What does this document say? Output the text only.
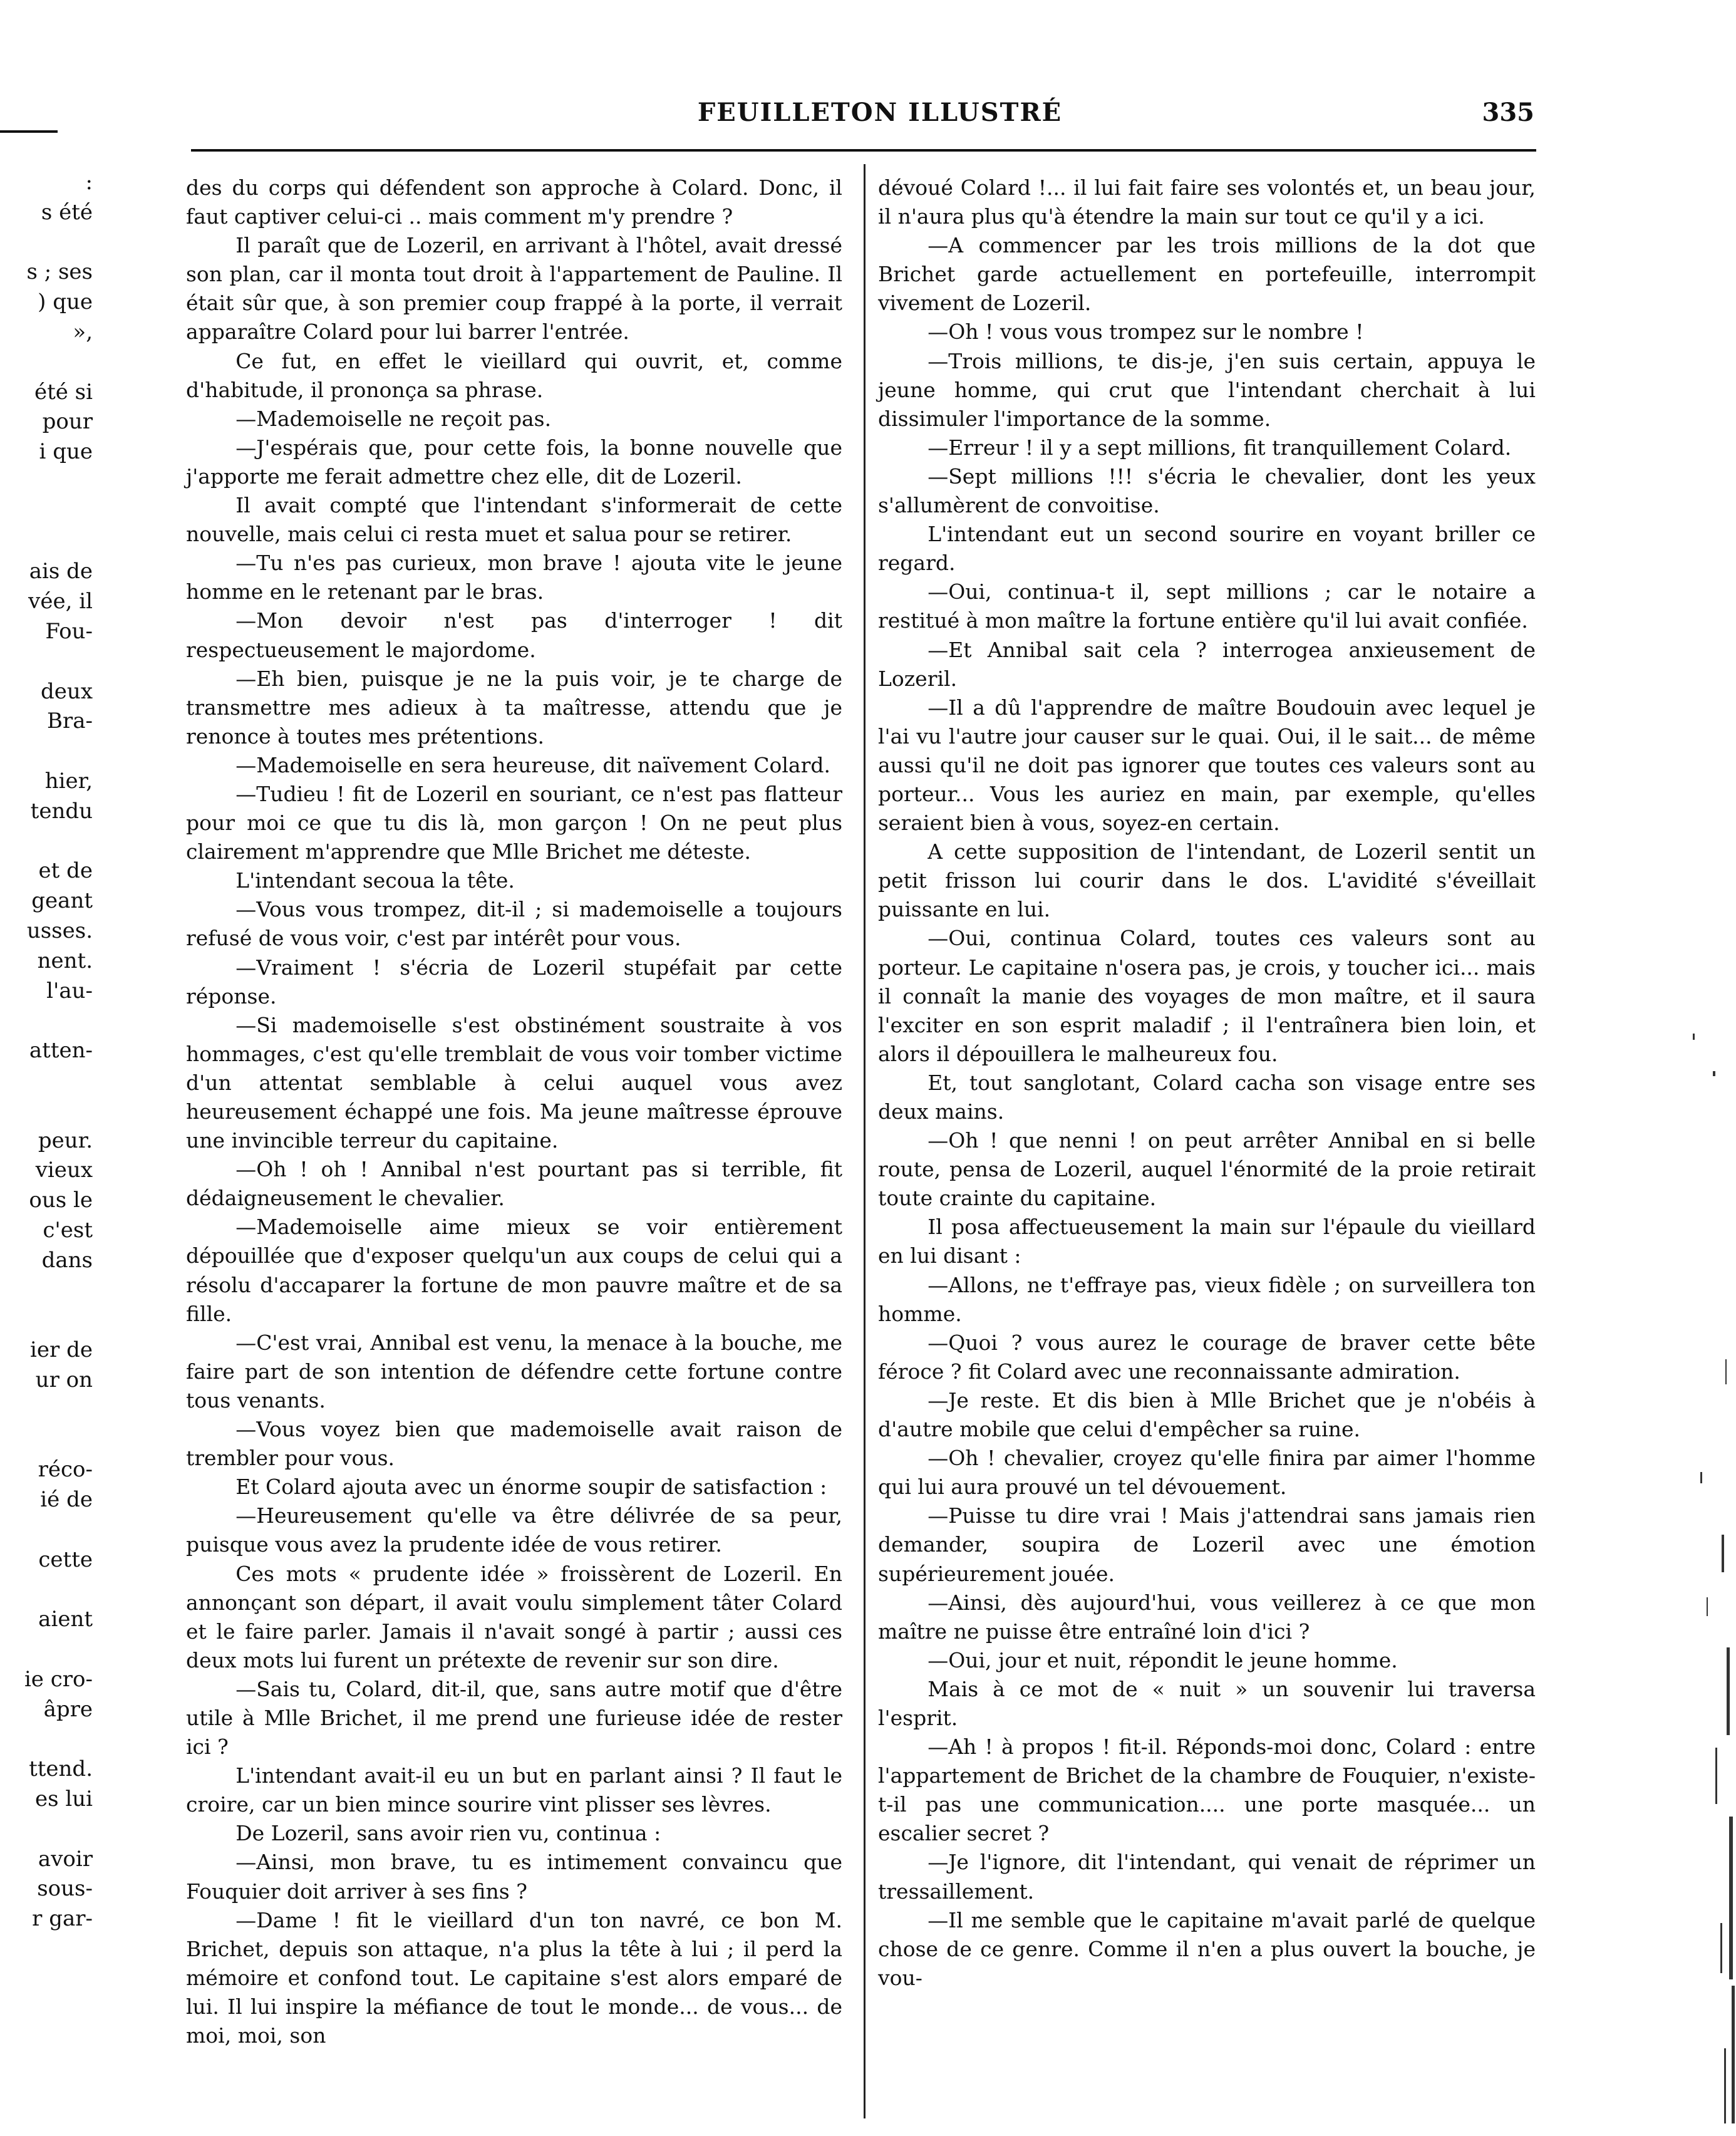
FEUILLETON ILLUSTRÉ	335
:
s été
s ; ses
) que
»,
été si
pour
i que
ais de
vée, il
Fou-
deux
Bra-
hier,
tendu
et de
geant
usses.
nent.
l'au-
atten-
peur.
vieux
ous le
c'est
dans
ier de
ur on
réco-
ié de
cette
aient
ie cro-
âpre
ttend.
es lui
avoir
sous-
r gar-

des du corps qui défendent son approche à Colard. Donc, il faut captiver celui-ci .. mais comment m'y prendre ?

Il paraît que de Lozeril, en arrivant à l'hôtel, avait dressé son plan, car il monta tout droit à l'appartement de Pauline. Il était sûr que, à son premier coup frappé à la porte, il verrait apparaître Colard pour lui barrer l'entrée.

Ce fut, en effet le vieillard qui ouvrit, et, comme d'habitude, il prononça sa phrase.

—Mademoiselle ne reçoit pas.

—J'espérais que, pour cette fois, la bonne nouvelle que j'apporte me ferait admettre chez elle, dit de Lozeril.

Il avait compté que l'intendant s'informerait de cette nouvelle, mais celui ci resta muet et salua pour se retirer.

—Tu n'es pas curieux, mon brave ! ajouta vite le jeune homme en le retenant par le bras.

—Mon devoir n'est pas d'interroger ! dit respectueusement le majordome.

—Eh bien, puisque je ne la puis voir, je te charge de transmettre mes adieux à ta maîtresse, attendu que je renonce à toutes mes prétentions.

—Mademoiselle en sera heureuse, dit naïvement Colard.

—Tudieu ! fit de Lozeril en souriant, ce n'est pas flatteur pour moi ce que tu dis là, mon garçon ! On ne peut plus clairement m'apprendre que Mlle Brichet me déteste.

L'intendant secoua la tête.

—Vous vous trompez, dit-il ; si mademoiselle a toujours refusé de vous voir, c'est par intérêt pour vous.

—Vraiment ! s'écria de Lozeril stupéfait par cette réponse.

—Si mademoiselle s'est obstinément soustraite à vos hommages, c'est qu'elle tremblait de vous voir tomber victime d'un attentat semblable à celui auquel vous avez heureusement échappé une fois. Ma jeune maîtresse éprouve une invincible terreur du capitaine.

—Oh ! oh ! Annibal n'est pourtant pas si terrible, fit dédaigneusement le chevalier.

—Mademoiselle aime mieux se voir entièrement dépouillée que d'exposer quelqu'un aux coups de celui qui a résolu d'accaparer la fortune de mon pauvre maître et de sa fille.

—C'est vrai, Annibal est venu, la menace à la bouche, me faire part de son intention de défendre cette fortune contre tous venants.

—Vous voyez bien que mademoiselle avait raison de trembler pour vous.

Et Colard ajouta avec un énorme soupir de satisfaction :

—Heureusement qu'elle va être délivrée de sa peur, puisque vous avez la prudente idée de vous retirer.

Ces mots « prudente idée » froissèrent de Lozeril. En annonçant son départ, il avait voulu simplement tâter Colard et le faire parler. Jamais il n'avait songé à partir ; aussi ces deux mots lui furent un prétexte de revenir sur son dire.

—Sais tu, Colard, dit-il, que, sans autre motif que d'être utile à Mlle Brichet, il me prend une furieuse idée de rester ici ?

L'intendant avait-il eu un but en parlant ainsi ? Il faut le croire, car un bien mince sourire vint plisser ses lèvres.

De Lozeril, sans avoir rien vu, continua :

—Ainsi, mon brave, tu es intimement convaincu que Fouquier doit arriver à ses fins ?

—Dame ! fit le vieillard d'un ton navré, ce bon M. Brichet, depuis son attaque, n'a plus la tête à lui ; il perd la mémoire et confond tout. Le capitaine s'est alors emparé de lui. Il lui inspire la méfiance de tout le monde... de vous... de moi, moi, son

dévoué Colard !... il lui fait faire ses volontés et, un beau jour, il n'aura plus qu'à étendre la main sur tout ce qu'il y a ici.

—A commencer par les trois millions de la dot que Brichet garde actuellement en portefeuille, interrompit vivement de Lozeril.

—Oh ! vous vous trompez sur le nombre !

—Trois millions, te dis-je, j'en suis certain, appuya le jeune homme, qui crut que l'intendant cherchait à lui dissimuler l'importance de la somme.

—Erreur ! il y a sept millions, fit tranquillement Colard.

—Sept millions !!! s'écria le chevalier, dont les yeux s'allumèrent de convoitise.

L'intendant eut un second sourire en voyant briller ce regard.

—Oui, continua-t il, sept millions ; car le notaire a restitué à mon maître la fortune entière qu'il lui avait confiée.

—Et Annibal sait cela ? interrogea anxieusement de Lozeril.

—Il a dû l'apprendre de maître Boudouin avec lequel je l'ai vu l'autre jour causer sur le quai. Oui, il le sait... de même aussi qu'il ne doit pas ignorer que toutes ces valeurs sont au porteur... Vous les auriez en main, par exemple, qu'elles seraient bien à vous, soyez-en certain.

A cette supposition de l'intendant, de Lozeril sentit un petit frisson lui courir dans le dos. L'avidité s'éveillait puissante en lui.

—Oui, continua Colard, toutes ces valeurs sont au porteur. Le capitaine n'osera pas, je crois, y toucher ici... mais il connaît la manie des voyages de mon maître, et il saura l'exciter en son esprit maladif ; il l'entraînera bien loin, et alors il dépouillera le malheureux fou.

Et, tout sanglotant, Colard cacha son visage entre ses deux mains.

—Oh ! que nenni ! on peut arrêter Annibal en si belle route, pensa de Lozeril, auquel l'énormité de la proie retirait toute crainte du capitaine.

Il posa affectueusement la main sur l'épaule du vieillard en lui disant :

—Allons, ne t'effraye pas, vieux fidèle ; on surveillera ton homme.

—Quoi ? vous aurez le courage de braver cette bête féroce ? fit Colard avec une reconnaissante admiration.

—Je reste. Et dis bien à Mlle Brichet que je n'obéis à d'autre mobile que celui d'empêcher sa ruine.

—Oh ! chevalier, croyez qu'elle finira par aimer l'homme qui lui aura prouvé un tel dévouement.

—Puisse tu dire vrai ! Mais j'attendrai sans jamais rien demander, soupira de Lozeril avec une émotion supérieurement jouée.

—Ainsi, dès aujourd'hui, vous veillerez à ce que mon maître ne puisse être entraîné loin d'ici ?

—Oui, jour et nuit, répondit le jeune homme.

Mais à ce mot de « nuit » un souvenir lui traversa l'esprit.

—Ah ! à propos ! fit-il. Réponds-moi donc, Colard : entre l'appartement de Brichet de la chambre de Fouquier, n'existe-t-il pas une communication.... une porte masquée... un escalier secret ?

—Je l'ignore, dit l'intendant, qui venait de réprimer un tressaillement.

—Il me semble que le capitaine m'avait parlé de quelque chose de ce genre. Comme il n'en a plus ouvert la bouche, je vou-
